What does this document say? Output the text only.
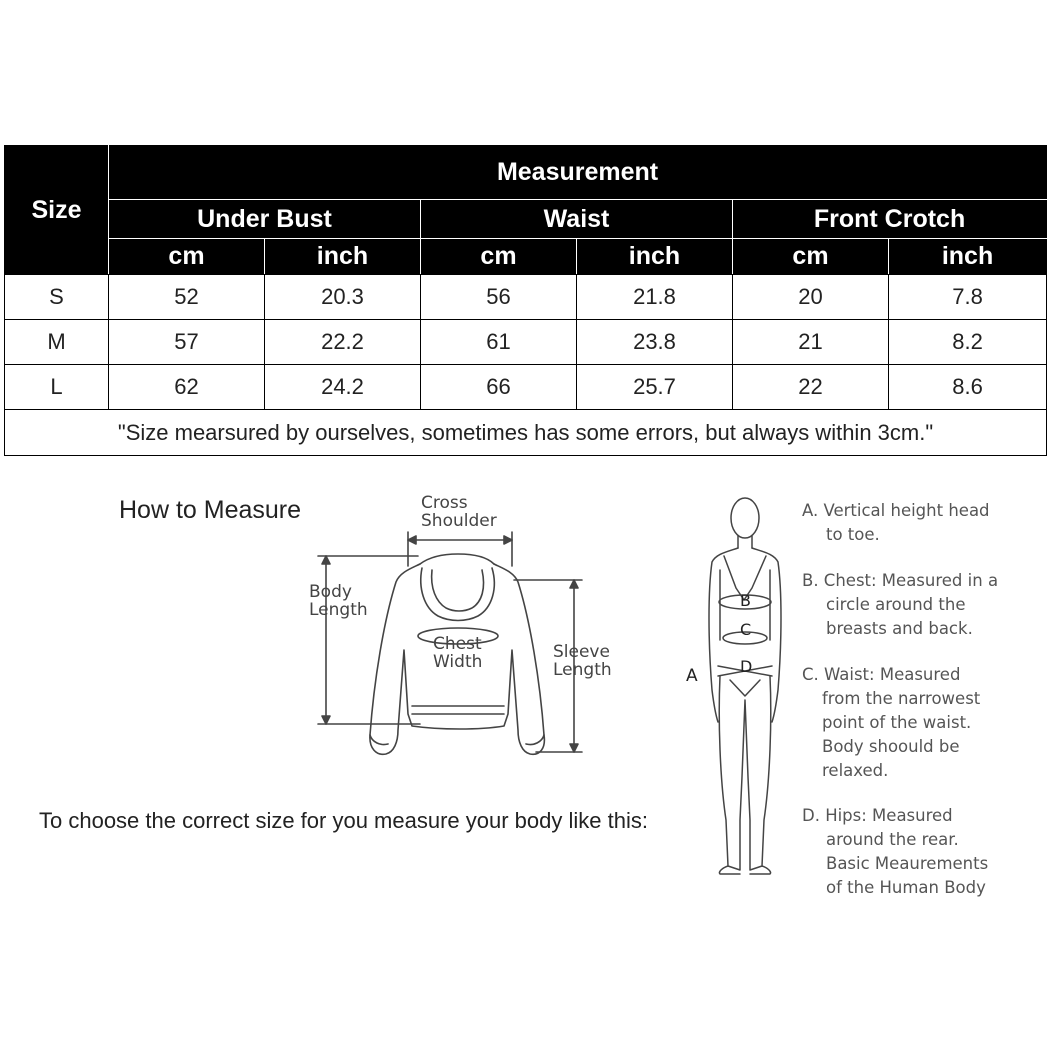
Size	Measurement					
	Under Bust		Waist		Front Crotch	
	cm	inch	cm	inch	cm	inch
S	52	20.3	56	21.8	20	7.8
M	57	22.2	61	23.8	21	8.2
L	62	24.2	66	25.7	22	8.6
"Size mearsured by ourselves, sometimes has some errors, but always within 3cm."						
How to Measure
To choose the correct size for you measure your body like this:
Cross
Shoulder
Body
Length
Chest
Width	Sleeve
Length	A
B
C
D
A. Vertical height head
to toe.
B. Chest: Measured in a
circle around the
breasts and back.
C. Waist: Measured
from the narrowest
point of the waist.
Body shoould be
relaxed.
D. Hips: Measured
around the rear.
Basic Meaurements
of the Human Body
